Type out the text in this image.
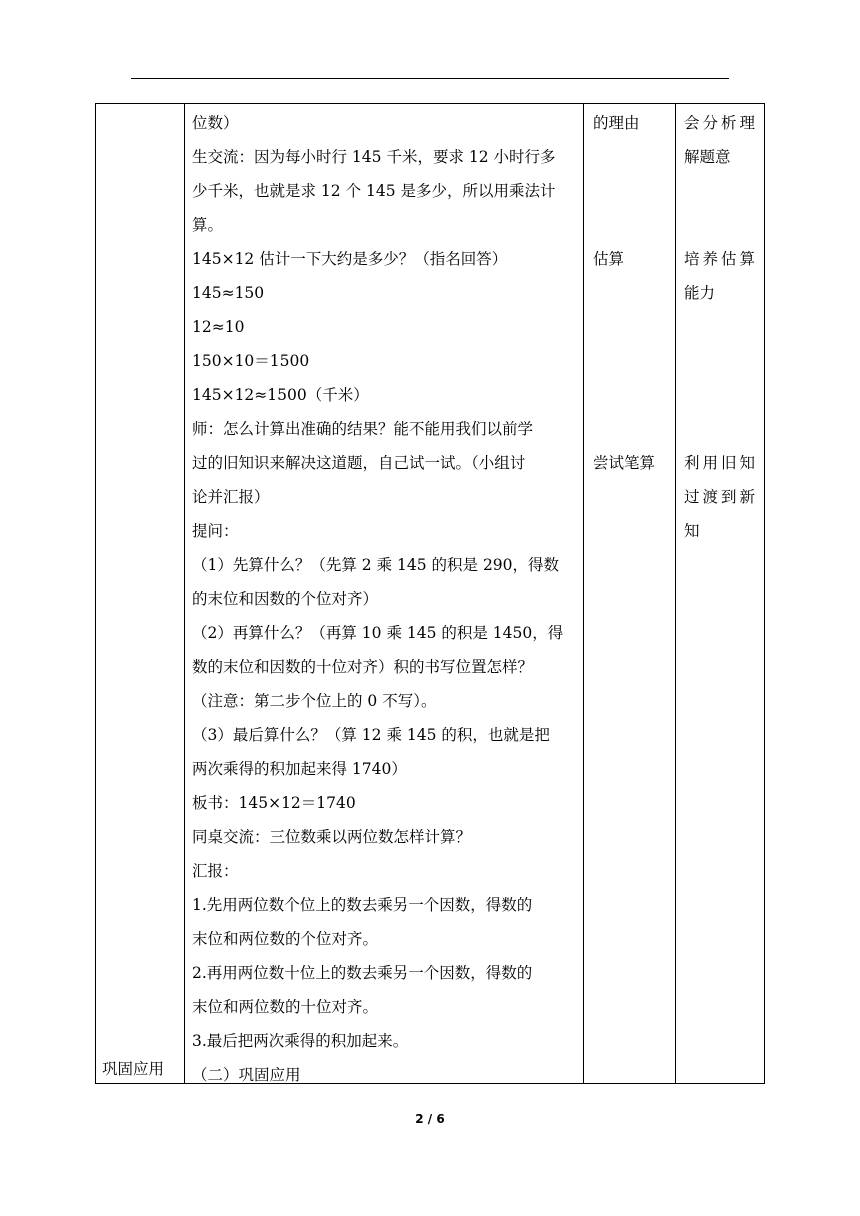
巩固应用
位数）
生交流：因为每小时行 145 千米，要求 12 小时行多
少千米，也就是求 12 个 145 是多少，所以用乘法计
算。
145×12 估计一下大约是多少？（指名回答）
145≈150
12≈10
150×10＝1500
145×12≈1500（千米）
师：怎么计算出准确的结果？能不能用我们以前学
过的旧知识来解决这道题，自己试一试。（小组讨
论并汇报）
提问：
（1）先算什么？（先算 2 乘 145 的积是 290，得数
的末位和因数的个位对齐）
（2）再算什么？（再算 10 乘 145 的积是 1450，得
数的末位和因数的十位对齐）积的书写位置怎样？
（注意：第二步个位上的 0 不写）。
（3）最后算什么？（算 12 乘 145 的积，也就是把
两次乘得的积加起来得 1740）
板书：145×12＝1740
同桌交流：三位数乘以两位数怎样计算？
汇报：
1.先用两位数个位上的数去乘另一个因数，得数的
末位和两位数的个位对齐。
2.再用两位数十位上的数去乘另一个因数，得数的
末位和两位数的十位对齐。
3.最后把两次乘得的积加起来。
（二）巩固应用
的理由
估算
尝试笔算
会分析理
解题意
培养估算
能力
利用旧知
过渡到新
知
2 / 6
